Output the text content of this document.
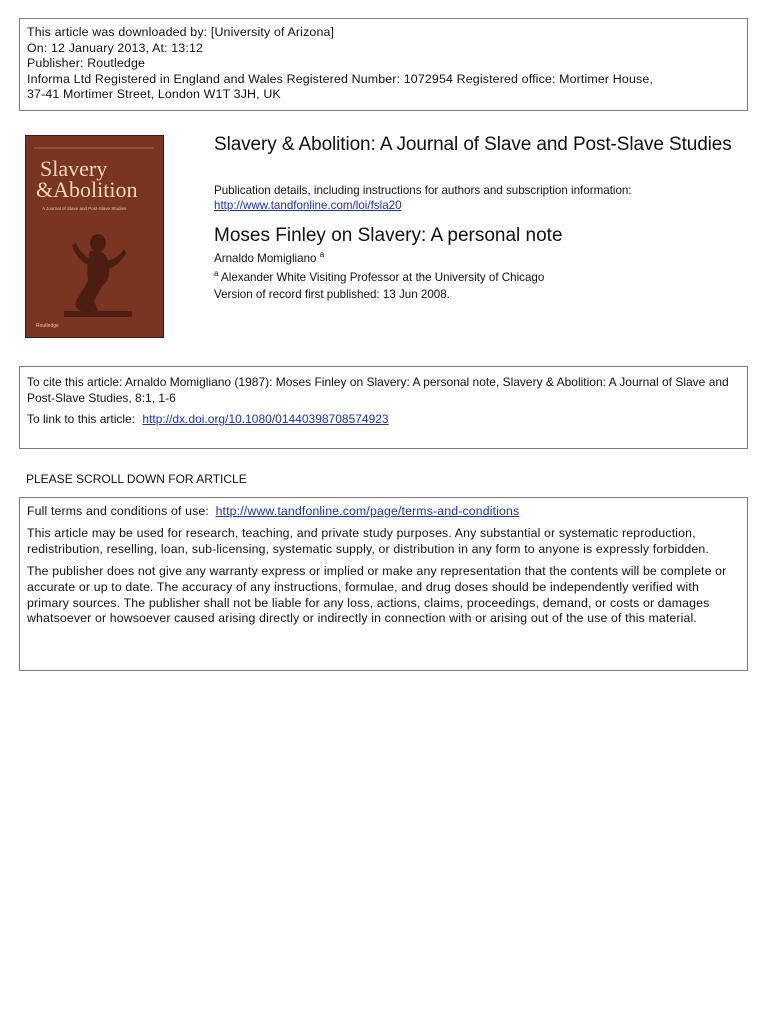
This article was downloaded by: [University of Arizona]
On: 12 January 2013, At: 13:12
Publisher: Routledge
Informa Ltd Registered in England and Wales Registered Number: 1072954 Registered office: Mortimer House,
37-41 Mortimer Street, London W1T 3JH, UK
Slavery
&Abolition
A Journal of Slave and Post-Slave Studies
Routledge
Slavery & Abolition: A Journal of Slave and Post-Slave Studies
Publication details, including instructions for authors and subscription information:
http://www.tandfonline.com/loi/fsla20
Moses Finley on Slavery: A personal note
Arnaldo Momigliano $^a$
$^a$ Alexander White Visiting Professor at the University of Chicago
Version of record first published: 13 Jun 2008.
To cite this article: Arnaldo Momigliano (1987): Moses Finley on Slavery: A personal note, Slavery & Abolition: A Journal of Slave and Post-Slave Studies, 8:1, 1-6
To link to this article: http://dx.doi.org/10.1080/01440398708574923
PLEASE SCROLL DOWN FOR ARTICLE
Full terms and conditions of use: http://www.tandfonline.com/page/terms-and-conditions
This article may be used for research, teaching, and private study purposes. Any substantial or systematic reproduction, redistribution, reselling, loan, sub-licensing, systematic supply, or distribution in any form to anyone is expressly forbidden.
The publisher does not give any warranty express or implied or make any representation that the contents will be complete or accurate or up to date. The accuracy of any instructions, formulae, and drug doses should be independently verified with primary sources. The publisher shall not be liable for any loss, actions, claims, proceedings, demand, or costs or damages whatsoever or howsoever caused arising directly or indirectly in connection with or arising out of the use of this material.
